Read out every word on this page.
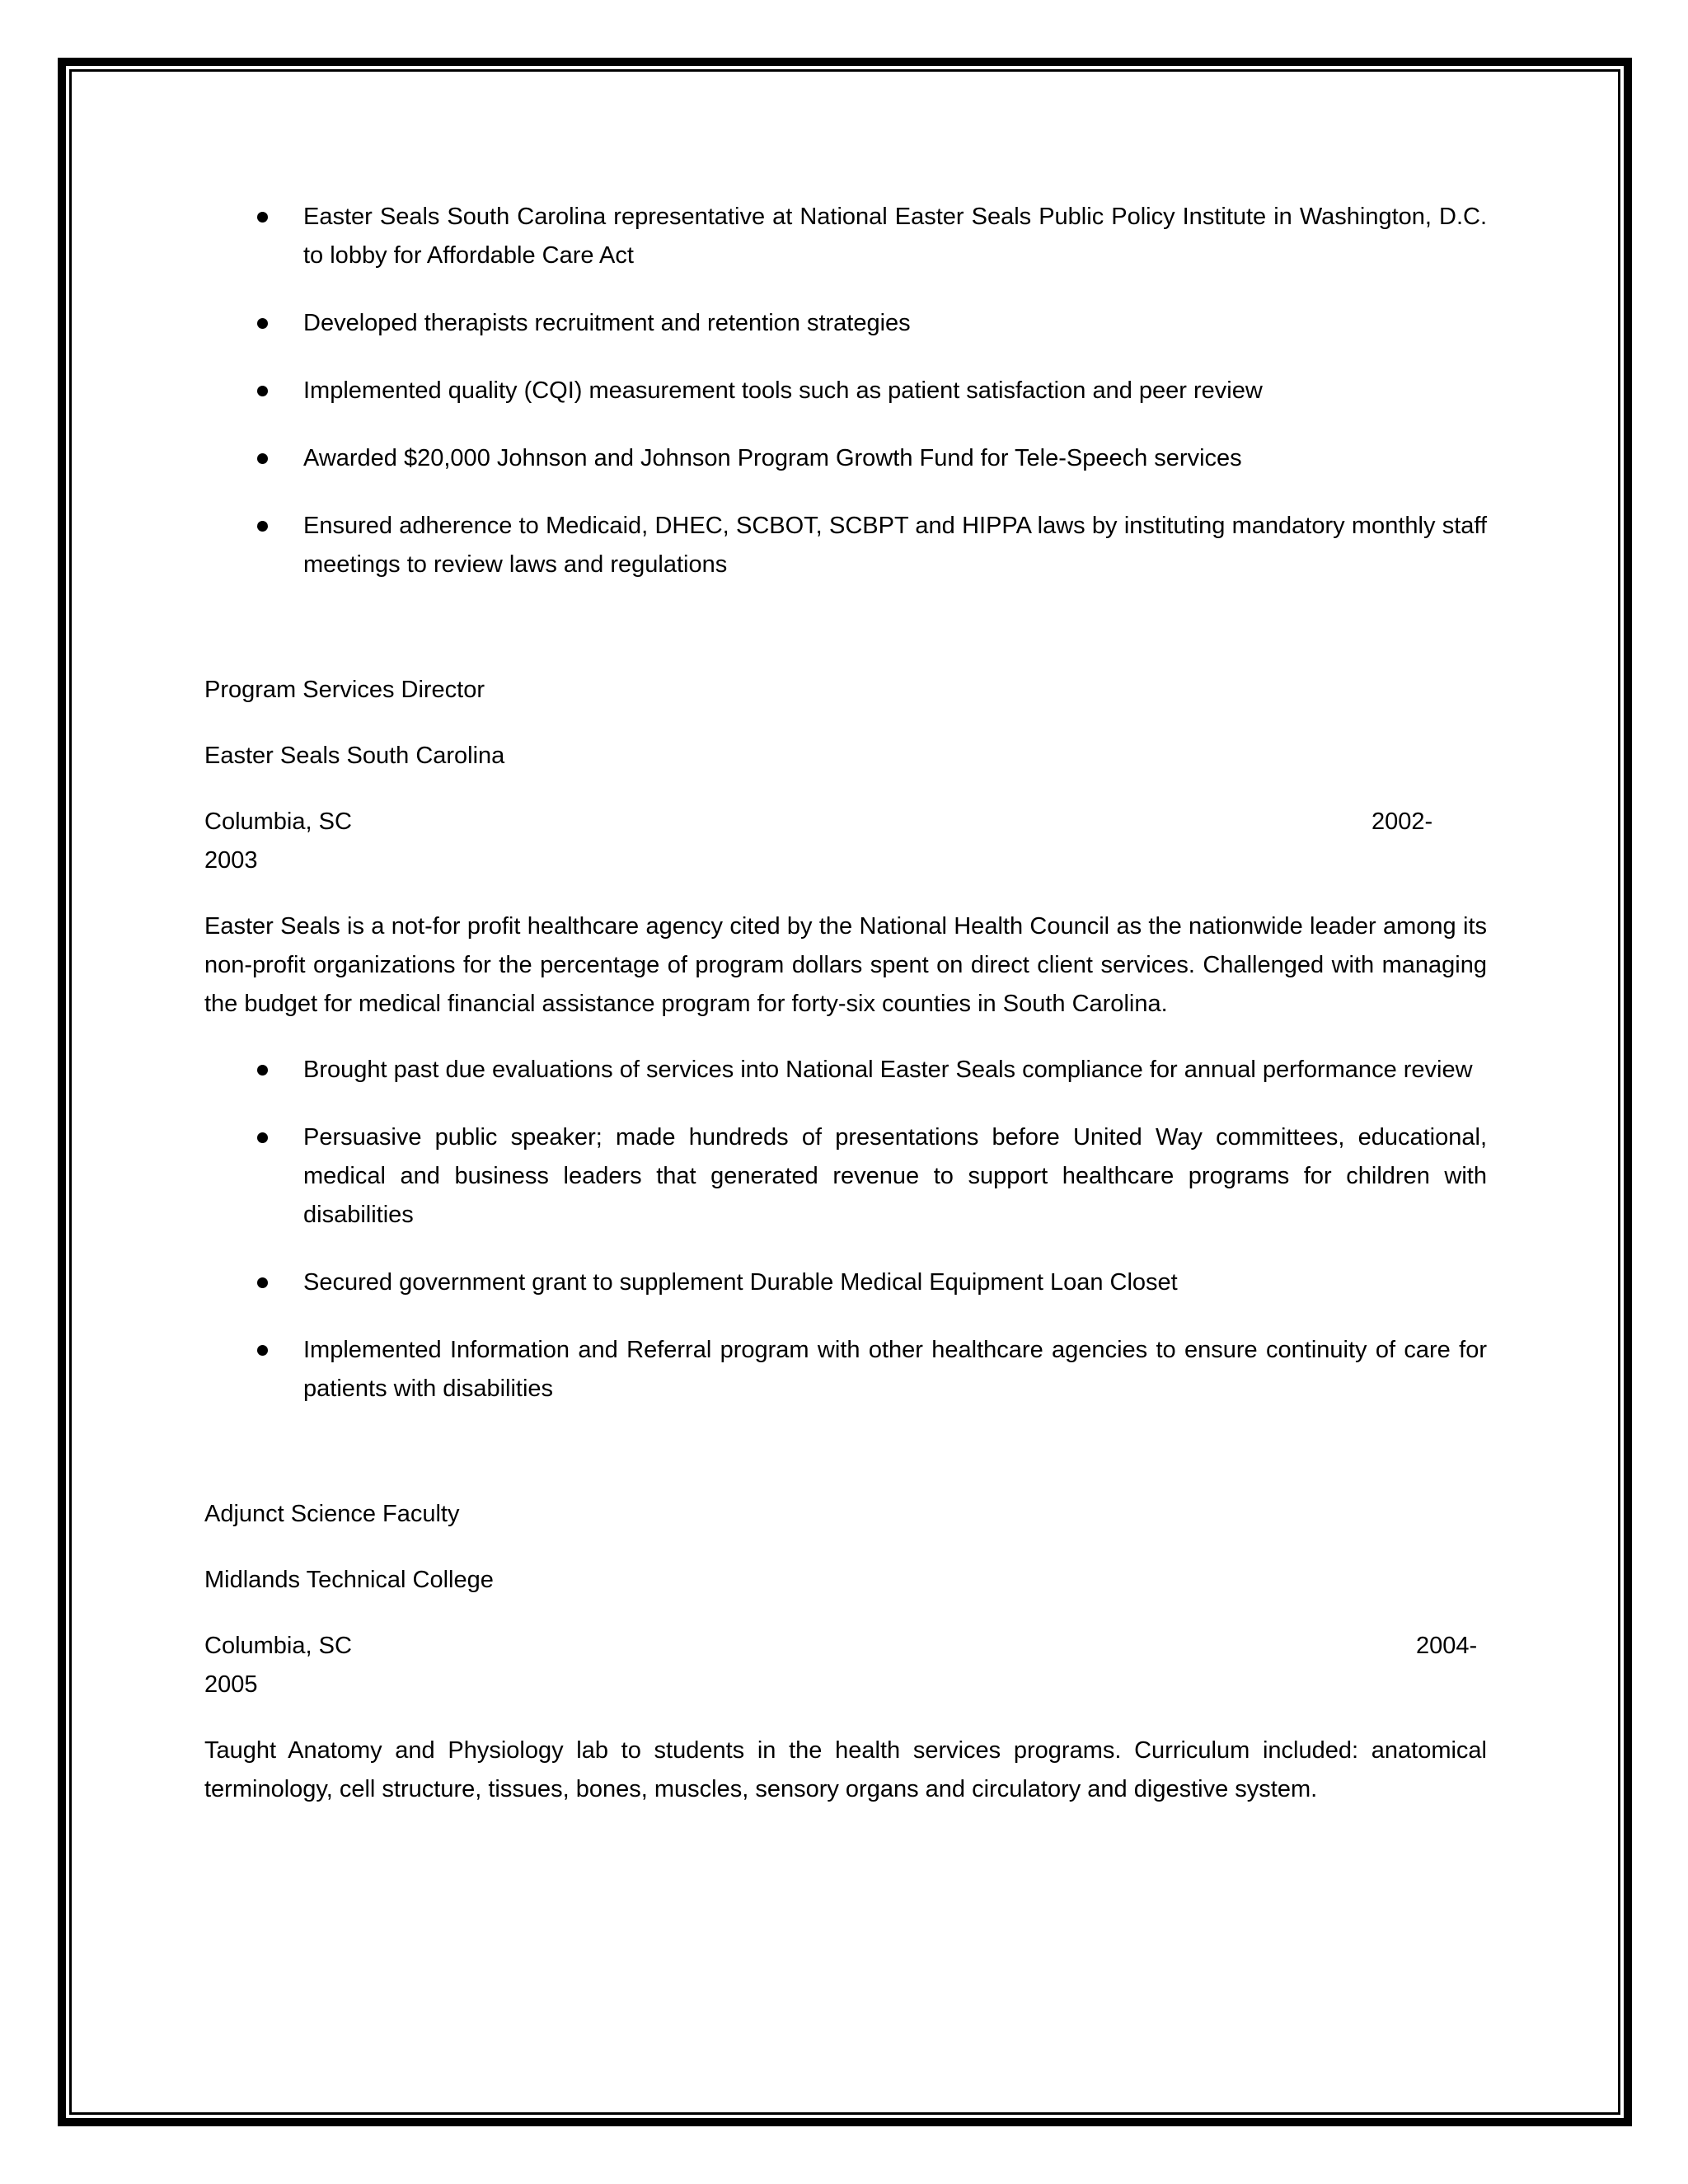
Easter Seals South Carolina representative at National Easter Seals Public Policy Institute in Washington, D.C. to lobby for Affordable Care Act
Developed therapists recruitment and retention strategies
Implemented quality (CQI) measurement tools such as patient satisfaction and peer review
Awarded $20,000 Johnson and Johnson Program Growth Fund for Tele-Speech services
Ensured adherence to Medicaid, DHEC, SCBOT, SCBPT and HIPPA laws by instituting mandatory monthly staff meetings to review laws and regulations

Program Services Director

Easter Seals South Carolina

Columbia, SC	2002-
2003

Easter Seals is a not-for profit healthcare agency cited by the National Health Council as the nationwide leader among its non-profit organizations for the percentage of program dollars spent on direct client services. Challenged with managing the budget for medical financial assistance program for forty-six counties in South Carolina.

Brought past due evaluations of services into National Easter Seals compliance for annual performance review
Persuasive public speaker; made hundreds of presentations before United Way committees, educational, medical and business leaders that generated revenue to support healthcare programs for children with disabilities
Secured government grant to supplement Durable Medical Equipment Loan Closet
Implemented Information and Referral program with other healthcare agencies to ensure continuity of care for patients with disabilities

Adjunct Science Faculty

Midlands Technical College

Columbia, SC	2004-
2005

Taught Anatomy and Physiology lab to students in the health services programs. Curriculum included: anatomical terminology, cell structure, tissues, bones, muscles, sensory organs and circulatory and digestive system.
